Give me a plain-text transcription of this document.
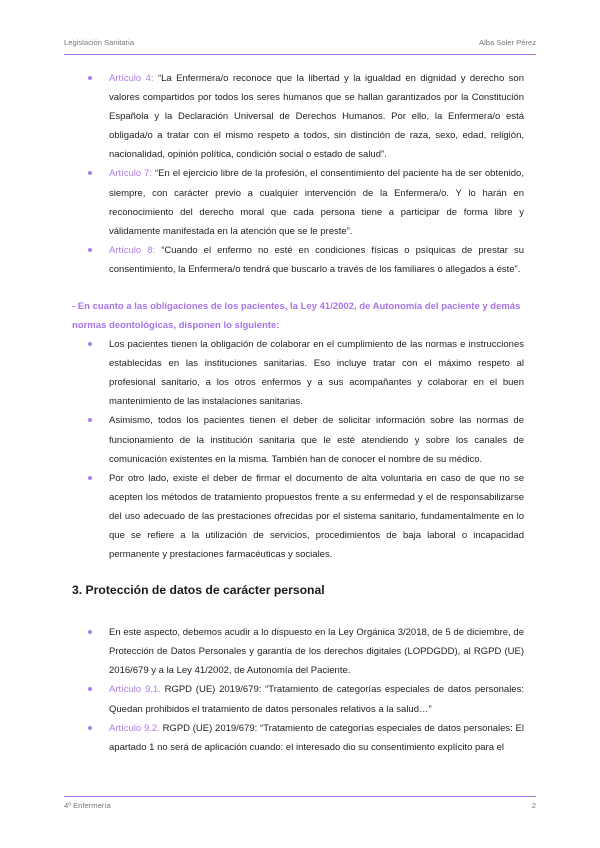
Legislación Sanitaria	Alba Soler Pérez
Artículo 4: “La Enfermera/o reconoce que la libertad y la igualdad en dignidad y derecho son valores compartidos por todos los seres humanos que se hallan garantizados por la Constitución Española y la Declaración Universal de Derechos Humanos. Por ello, la Enfermera/o está obligada/o a tratar con el mismo respeto a todos, sin distinción de raza, sexo, edad, religión, nacionalidad, opinión política, condición social o estado de salud”.
Artículo 7: “En el ejercicio libre de la profesión, el consentimiento del paciente ha de ser obtenido, siempre, con carácter previo a cualquier intervención de la Enfermera/o. Y lo harán en reconocimiento del derecho moral que cada persona tiene a participar de forma libre y válidamente manifestada en la atención que se le preste”.
Artículo 8: “Cuando el enfermo no esté en condiciones físicas o psíquicas de prestar su consentimiento, la Enfermera/o tendrá que buscarlo a través de los familiares o allegados a éste”.
- En cuanto a las obligaciones de los pacientes, la Ley 41/2002, de Autonomía del paciente y demás normas deontológicas, disponen lo siguiente:
Los pacientes tienen la obligación de colaborar en el cumplimiento de las normas e instrucciones establecidas en las instituciones sanitarias. Eso incluye tratar con el máximo respeto al profesional sanitario, a los otros enfermos y a sus acompañantes y colaborar en el buen mantenimiento de las instalaciones sanitarias.
Asimismo, todos los pacientes tienen el deber de solicitar información sobre las normas de funcionamiento de la institución sanitaria que le esté atendiendo y sobre los canales de comunicación existentes en la misma. También han de conocer el nombre de su médico.
Por otro lado, existe el deber de firmar el documento de alta voluntaria en caso de que no se acepten los métodos de tratamiento propuestos frente a su enfermedad y el de responsabilizarse del uso adecuado de las prestaciones ofrecidas por el sistema sanitario, fundamentalmente en lo que se refiere a la utilización de servicios, procedimientos de baja laboral o incapacidad permanente y prestaciones farmacéuticas y sociales.
3. Protección de datos de carácter personal
En este aspecto, debemos acudir a lo dispuesto en la Ley Orgánica 3/2018, de 5 de diciembre, de Protección de Datos Personales y garantía de los derechos digitales (LOPDGDD), al RGPD (UE) 2016/679 y a la Ley 41/2002, de Autonomía del Paciente.
Artículo 9.1. RGPD (UE) 2019/679: “Tratamiento de categorías especiales de datos personales: Quedan prohibidos el tratamiento de datos personales relativos a la salud…”
Artículo 9.2. RGPD (UE) 2019/679: “Tratamiento de categorías especiales de datos personales: El apartado 1 no será de aplicación cuando: el interesado dio su consentimiento explícito para el
4º Enfermería	2
